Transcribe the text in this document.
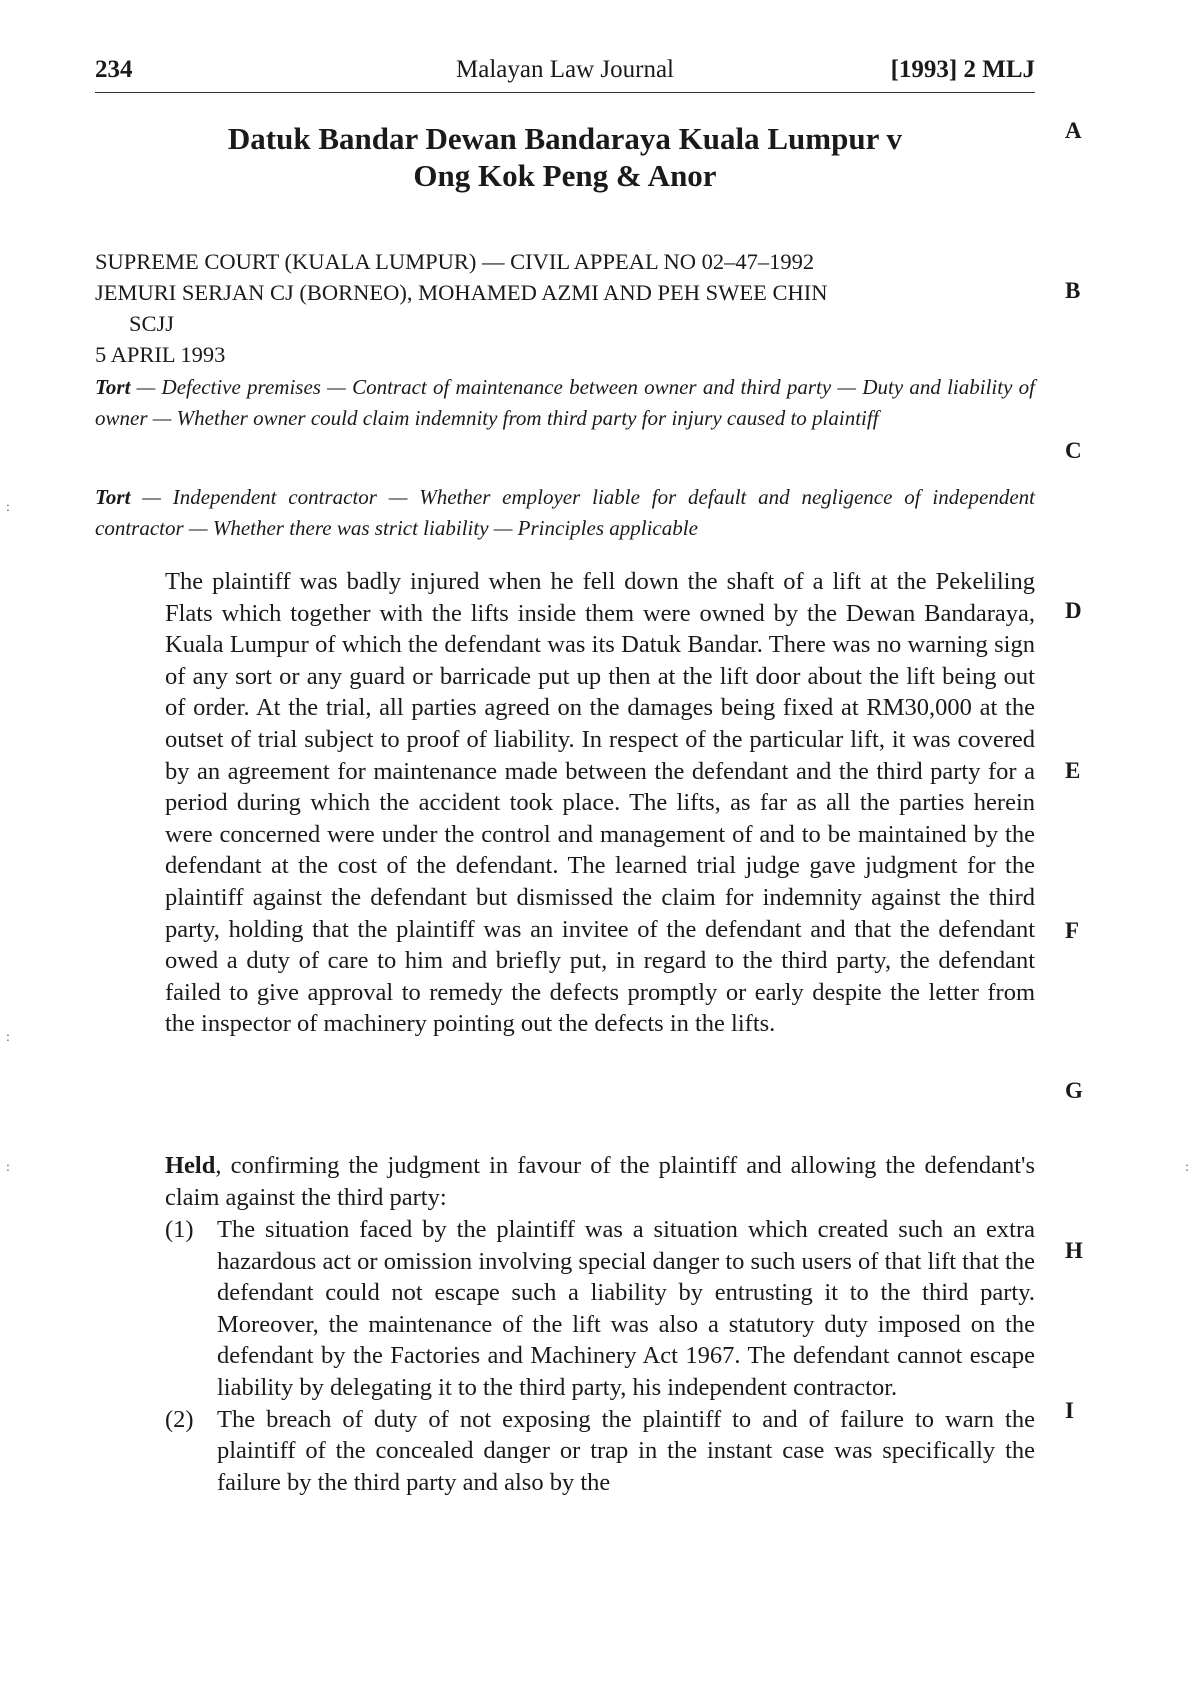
234	Malayan Law Journal	[1993] 2 MLJ
Datuk Bandar Dewan Bandaraya Kuala Lumpur v
Ong Kok Peng & Anor
SUPREME COURT (KUALA LUMPUR) — CIVIL APPEAL NO 02–47–1992
JEMURI SERJAN CJ (BORNEO), MOHAMED AZMI AND PEH SWEE CHIN
SCJJ
5 APRIL 1993
Tort — Defective premises — Contract of maintenance between owner and third party — Duty and liability of owner — Whether owner could claim indemnity from third party for injury caused to plaintiff
Tort — Independent contractor — Whether employer liable for default and negligence of independent contractor — Whether there was strict liability — Principles applicable
The plaintiff was badly injured when he fell down the shaft of a lift at the Pekeliling Flats which together with the lifts inside them were owned by the Dewan Bandaraya, Kuala Lumpur of which the defendant was its Datuk Bandar. There was no warning sign of any sort or any guard or barricade put up then at the lift door about the lift being out of order. At the trial, all parties agreed on the damages being fixed at RM30,000 at the outset of trial subject to proof of liability. In respect of the particular lift, it was covered by an agreement for maintenance made between the defendant and the third party for a period during which the accident took place. The lifts, as far as all the parties herein were concerned were under the control and management of and to be maintained by the defendant at the cost of the defendant. The learned trial judge gave judgment for the plaintiff against the defendant but dismissed the claim for indemnity against the third party, holding that the plaintiff was an invitee of the defendant and that the defendant owed a duty of care to him and briefly put, in regard to the third party, the defendant failed to give approval to remedy the defects promptly or early despite the letter from the inspector of machinery pointing out the defects in the lifts.
Held, confirming the judgment in favour of the plaintiff and allowing the defendant's claim against the third party:
(1) The situation faced by the plaintiff was a situation which created such an extra hazardous act or omission involving special danger to such users of that lift that the defendant could not escape such a liability by entrusting it to the third party. Moreover, the maintenance of the lift was also a statutory duty imposed on the defendant by the Factories and Machinery Act 1967. The defendant cannot escape liability by delegating it to the third party, his independent contractor.
(2) The breach of duty of not exposing the plaintiff to and of failure to warn the plaintiff of the concealed danger or trap in the instant case was specifically the failure by the third party and also by the
A
B
C
D
E
F
G
H
I
:
:
:	:
